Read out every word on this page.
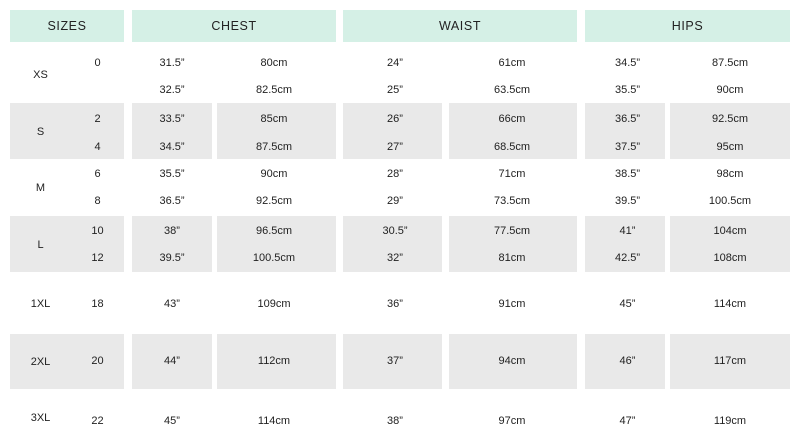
SIZES	CHEST	WAIST	HIPS
XS
0	31.5”	80cm	24”	61cm	34.5”	87.5cm
32.5”	82.5cm	25”	63.5cm	35.5”	90cm
S
2	33.5”	85cm	26”	66cm	36.5”	92.5cm
4	34.5”	87.5cm	27”	68.5cm	37.5”	95cm
M
6	35.5”	90cm	28”	71cm	38.5”	98cm
8	36.5”	92.5cm	29”	73.5cm	39.5”	100.5cm
L
10	38”	96.5cm	30.5”	77.5cm	41”	104cm
12	39.5”	100.5cm	32”	81cm	42.5”	108cm
1XL	18	43”	109cm	36”	91cm	45”	114cm
2XL	20	44”	112cm	37”	94cm	46”	117cm
3XL	22	45”	114cm	38”	97cm	47”	119cm
